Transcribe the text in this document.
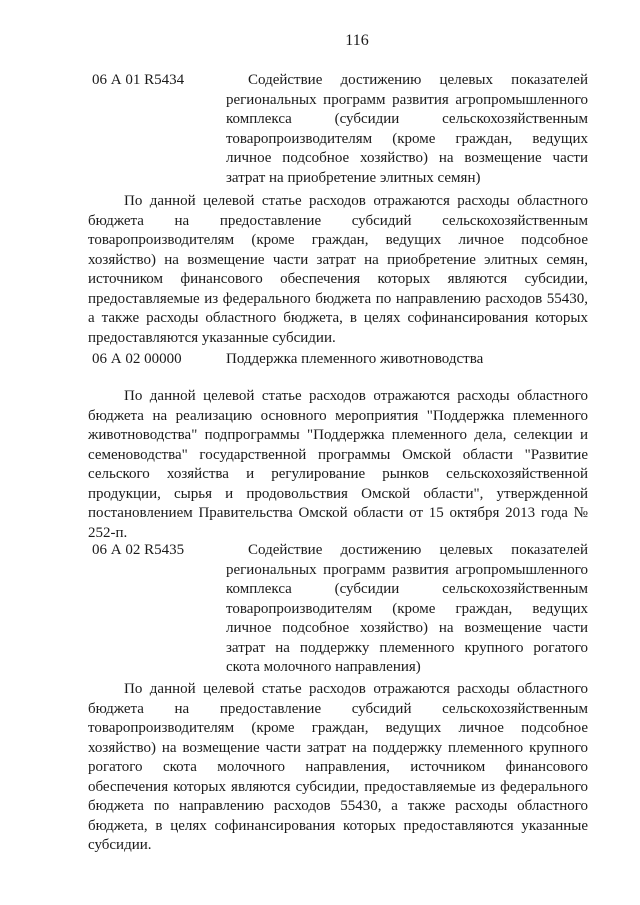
116
06 А 01 R5434	Содействие достижению целевых показателей региональных программ развития агропромышленного комплекса (субсидии сельскохозяйственным товаропроизводителям (кроме граждан, ведущих личное подсобное хозяйство) на возмещение части затрат на приобретение элитных семян)
По данной целевой статье расходов отражаются расходы областного бюджета на предоставление субсидий сельскохозяйственным товаропроизводителям (кроме граждан, ведущих личное подсобное хозяйство) на возмещение части затрат на приобретение элитных семян, источником финансового обеспечения которых являются субсидии, предоставляемые из федерального бюджета по направлению расходов 55430, а также расходы областного бюджета, в целях софинансирования которых предоставляются указанные субсидии.
06 А 02 00000	Поддержка племенного животноводства
По данной целевой статье расходов отражаются расходы областного бюджета на реализацию основного мероприятия "Поддержка племенного животноводства" подпрограммы "Поддержка племенного дела, селекции и семеноводства" государственной программы Омской области "Развитие сельского хозяйства и регулирование рынков сельскохозяйственной продукции, сырья и продовольствия Омской области", утвержденной постановлением Правительства Омской области от 15 октября 2013 года № 252-п.
06 А 02 R5435	Содействие достижению целевых показателей региональных программ развития агропромышленного комплекса (субсидии сельскохозяйственным товаропроизводителям (кроме граждан, ведущих личное подсобное хозяйство) на возмещение части затрат на поддержку племенного крупного рогатого скота молочного направления)
По данной целевой статье расходов отражаются расходы областного бюджета на предоставление субсидий сельскохозяйственным товаропроизводителям (кроме граждан, ведущих личное подсобное хозяйство) на возмещение части затрат на поддержку племенного крупного рогатого скота молочного направления, источником финансового обеспечения которых являются субсидии, предоставляемые из федерального бюджета по направлению расходов 55430, а также расходы областного бюджета, в целях софинансирования которых предоставляются указанные субсидии.
